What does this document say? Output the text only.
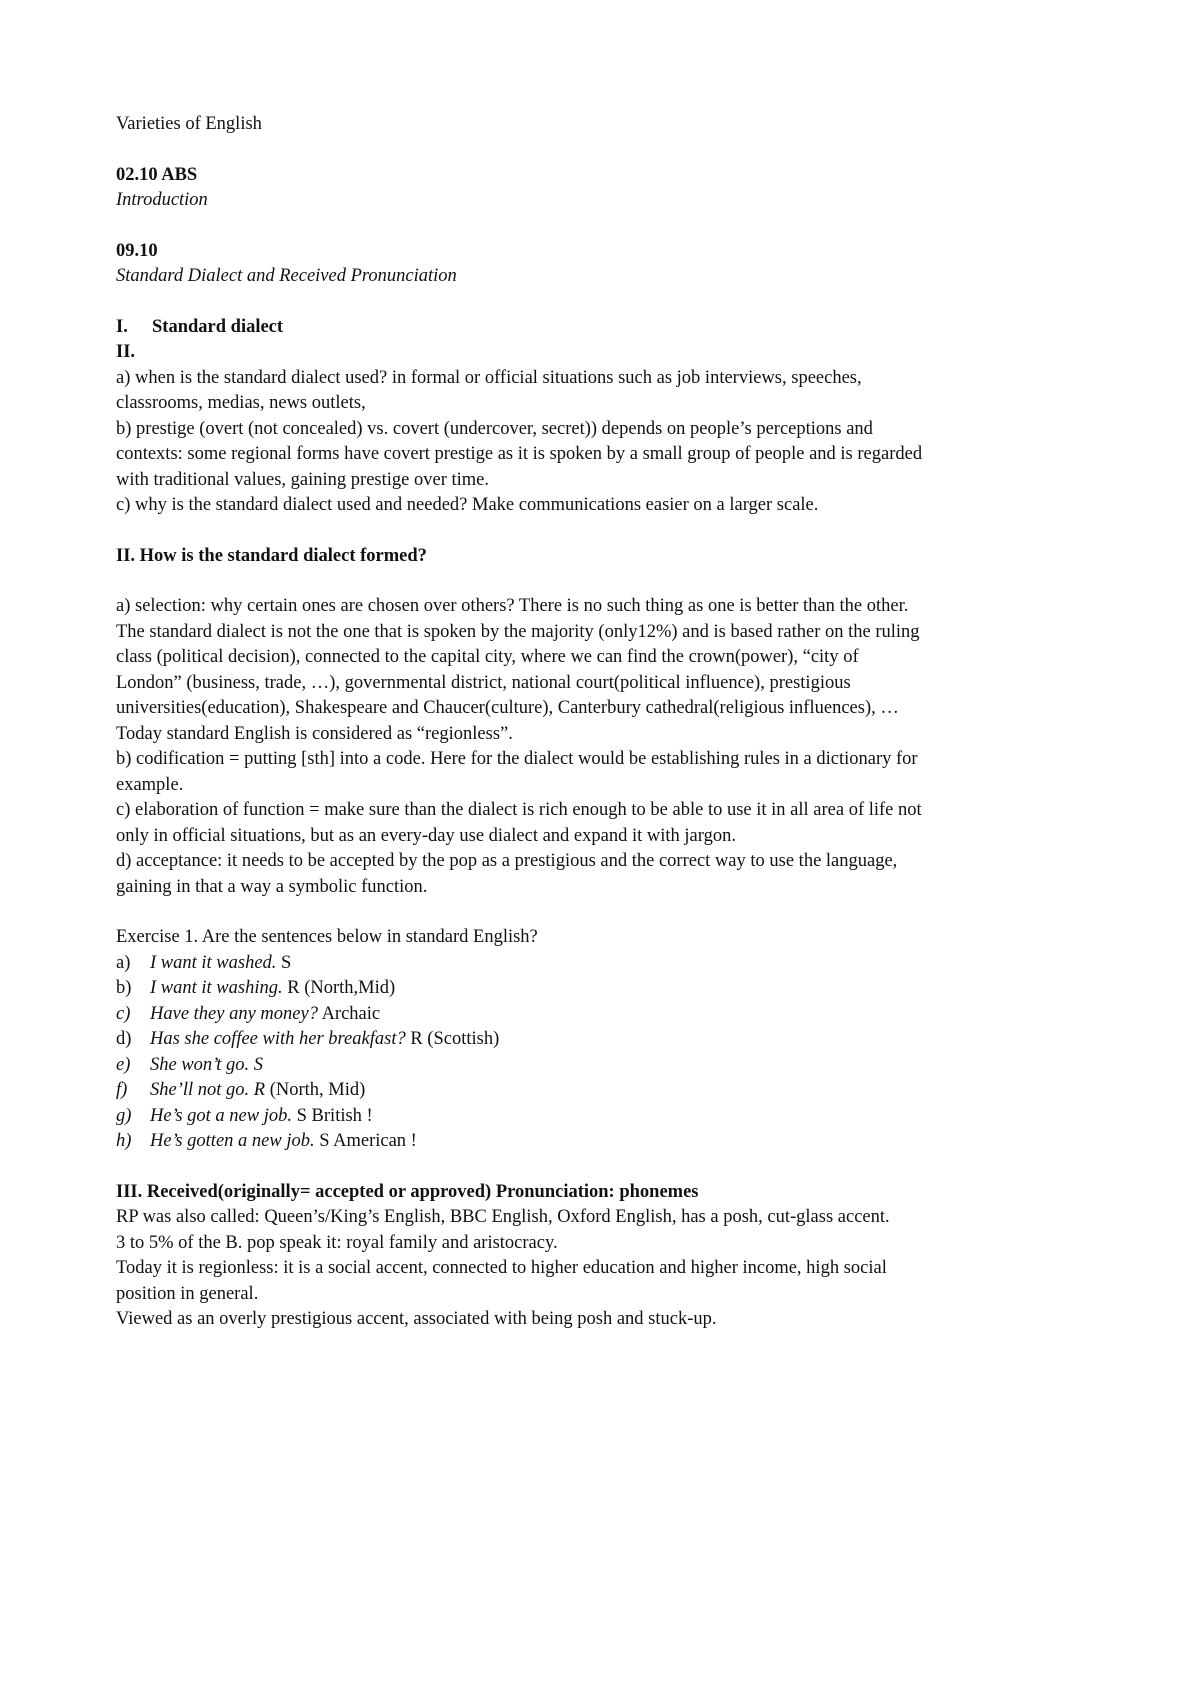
Varieties of English
02.10 ABS
Introduction
09.10
Standard Dialect and Received Pronunciation
I. Standard dialect
II.
a) when is the standard dialect used? in formal or official situations such as job interviews, speeches,
classrooms, medias, news outlets,
b) prestige (overt (not concealed) vs. covert (undercover, secret)) depends on people’s perceptions and
contexts: some regional forms have covert prestige as it is spoken by a small group of people and is regarded
with traditional values, gaining prestige over time.
c) why is the standard dialect used and needed? Make communications easier on a larger scale.
II. How is the standard dialect formed?
a) selection: why certain ones are chosen over others? There is no such thing as one is better than the other.
The standard dialect is not the one that is spoken by the majority (only12%) and is based rather on the ruling
class (political decision), connected to the capital city, where we can find the crown(power), “city of
London” (business, trade, …), governmental district, national court(political influence), prestigious
universities(education), Shakespeare and Chaucer(culture), Canterbury cathedral(religious influences), …
Today standard English is considered as “regionless”.
b) codification = putting [sth] into a code. Here for the dialect would be establishing rules in a dictionary for
example.
c) elaboration of function = make sure than the dialect is rich enough to be able to use it in all area of life not
only in official situations, but as an every-day use dialect and expand it with jargon.
d) acceptance: it needs to be accepted by the pop as a prestigious and the correct way to use the language,
gaining in that a way a symbolic function.
Exercise 1. Are the sentences below in standard English?
a) I want it washed. S
b) I want it washing. R (North,Mid)
c) Have they any money? Archaic
d) Has she coffee with her breakfast? R (Scottish)
e) She won’t go. S
f) She’ll not go. R (North, Mid)
g) He’s got a new job. S British !
h) He’s gotten a new job. S American !
III. Received(originally= accepted or approved) Pronunciation: phonemes
RP was also called: Queen’s/King’s English, BBC English, Oxford English, has a posh, cut-glass accent.
3 to 5% of the B. pop speak it: royal family and aristocracy.
Today it is regionless: it is a social accent, connected to higher education and higher income, high social
position in general.
Viewed as an overly prestigious accent, associated with being posh and stuck-up.
